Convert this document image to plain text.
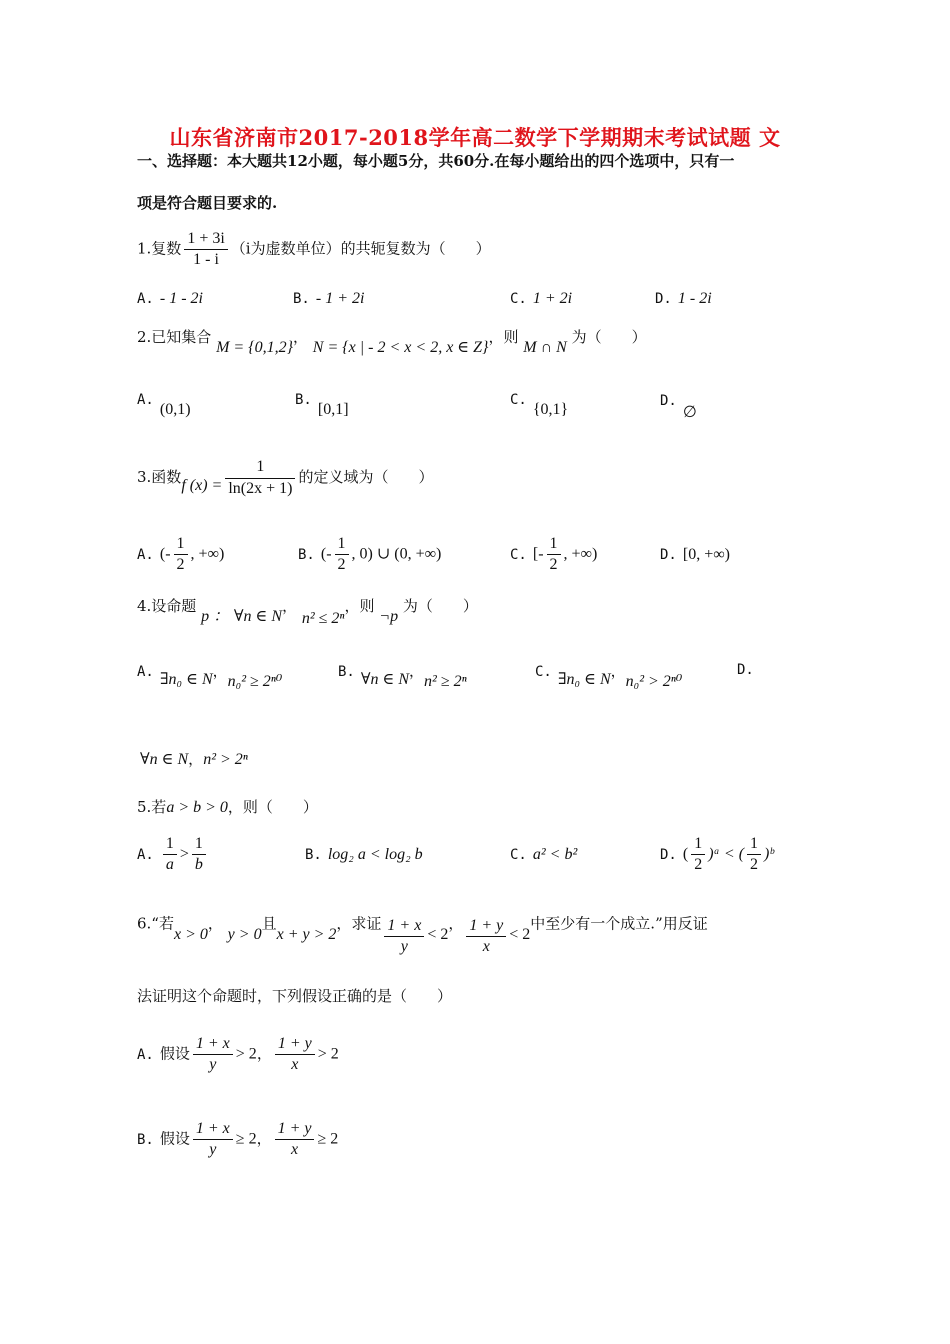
山东省济南市2017-2018学年高二数学下学期期末考试试题 文
一、选择题：本大题共12小题，每小题5分，共60分.在每小题给出的四个选项中，只有一
项是符合题目要求的.
1.复数 $\frac{1 + 3i}{1 - i} (i$为虚数单位）的共轭复数为（　　）
A. - 1 - 2i	B. - 1 + 2i	C. 1 + 2i	D. 1 - 2i
2.已知集合 M = {0,1,2}， N = {x | - 2 < x < 2, x ∈ Z}，则 M ∩ N 为（　　）
A.(0,1)
B.[0,1]
C.{0,1}	D.∅
3.函数f $(x) = \frac{1}{\ln(2x + 1)}$ 的定义域为（　　）
A. (- $\frac{1}{2}$ , +∞)	B. (- $\frac{1}{2}$ , 0) ∪ (0, +∞)	C. [- $\frac{1}{2}$ , +∞)	D. [0, +∞)
4.设命题 p ： ∀n ∈ N， n² ≤ 2ⁿ，则 ¬p 为（　　）
A. ∃n₀ ∈ N，n₀² ≥ 2ⁿ⁰
B. ∀n ∈ N，n² ≥ 2ⁿ
C. ∃n₀ ∈ N，n₀² > 2ⁿ⁰
D.
∀n ∈ N，n² > 2ⁿ
5.若a > b > 0，则（　　）
A. $\frac{1}{a} > \frac{1}{b}$	B. log₂ a < log₂ b	C. a² < b²	D. ( $\frac{1}{2}$ )ᵃ < ( $\frac{1}{2}$ )ᵇ
6.“若x > 0， y > 0且x + y > 2，求证 $\frac{1 + x}{y} < 2$， $\frac{1 + y}{x} < 2$中至少有一个成立.”用反证
法证明这个命题时，下列假设正确的是（　　）
A. 假设 $\frac{1 + x}{y} > 2$， $\frac{1 + y}{x} > 2$
B. 假设 $\frac{1 + x}{y} \ge 2$， $\frac{1 + y}{x} \ge 2$
